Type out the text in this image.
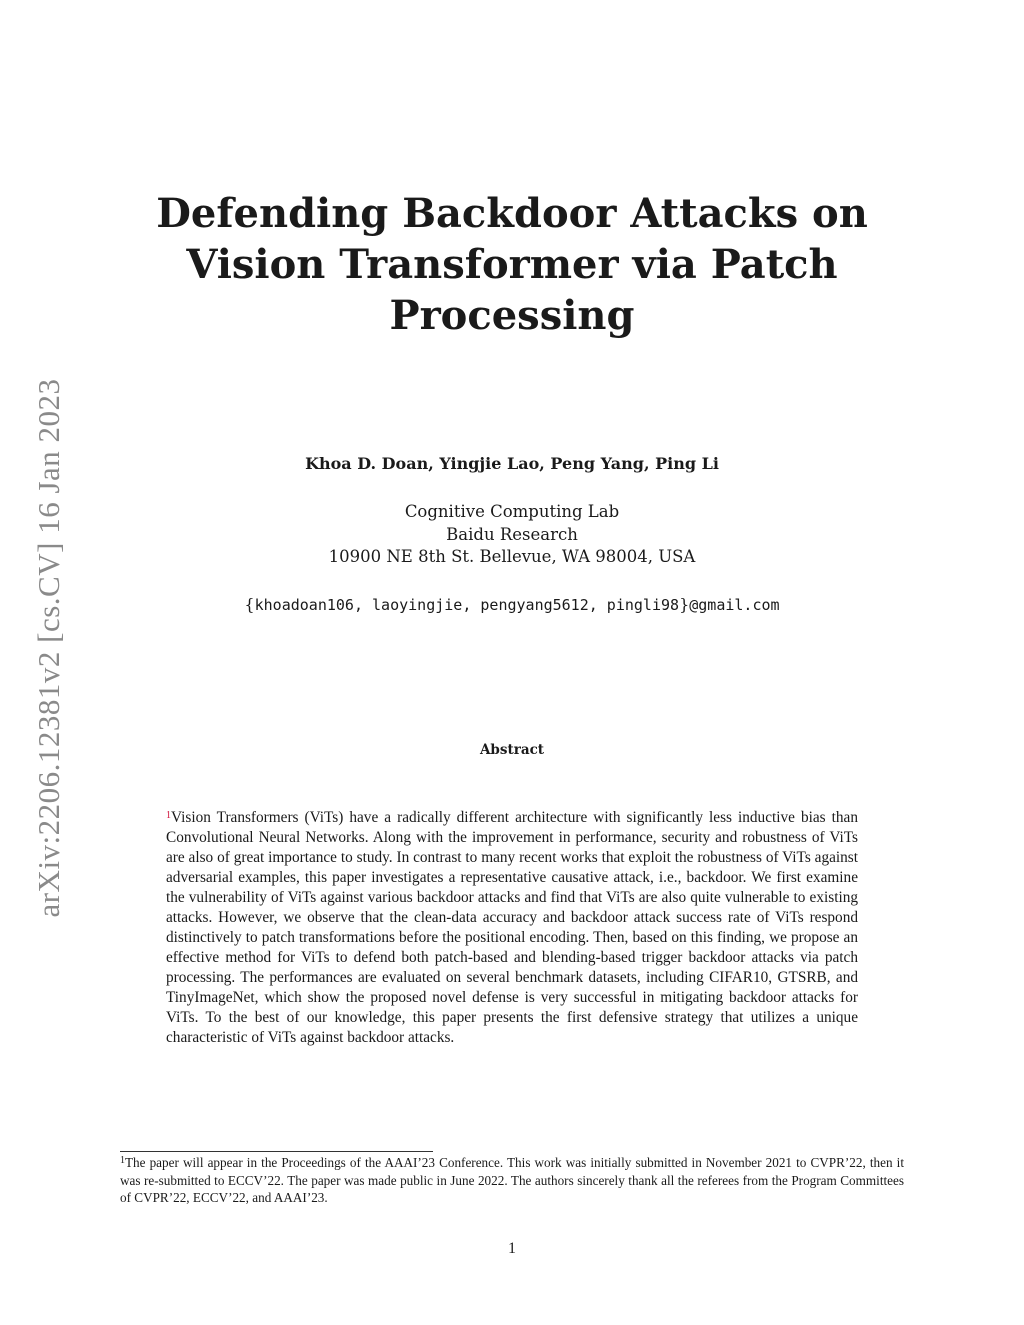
arXiv:2206.12381v2 [cs.CV] 16 Jan 2023
Defending Backdoor Attacks on
Vision Transformer via Patch
Processing
Khoa D. Doan, Yingjie Lao, Peng Yang, Ping Li
Cognitive Computing Lab
Baidu Research
10900 NE 8th St. Bellevue, WA 98004, USA
{khoadoan106, laoyingjie, pengyang5612, pingli98}@gmail.com
Abstract
$^1$Vision Transformers (ViTs) have a radically different architecture with significantly less inductive bias than Convolutional Neural Networks. Along with the improvement in performance, security and robustness of ViTs are also of great importance to study. In contrast to many recent works that exploit the robustness of ViTs against adversarial examples, this paper investigates a representative causative attack, i.e., backdoor. We first examine the vulnerability of ViTs against various backdoor attacks and find that ViTs are also quite vulnerable to existing attacks. However, we observe that the clean-data accuracy and backdoor attack success rate of ViTs respond distinctively to patch transformations before the positional encoding. Then, based on this finding, we propose an effective method for ViTs to defend both patch-based and blending-based trigger backdoor attacks via patch processing. The performances are evaluated on several benchmark datasets, including CIFAR10, GTSRB, and TinyImageNet, which show the proposed novel defense is very successful in mitigating backdoor attacks for ViTs. To the best of our knowledge, this paper presents the first defensive strategy that utilizes a unique characteristic of ViTs against backdoor attacks.
$^1$The paper will appear in the Proceedings of the AAAI’23 Conference. This work was initially submitted in November 2021 to CVPR’22, then it was re-submitted to ECCV’22. The paper was made public in June 2022. The authors sincerely thank all the referees from the Program Committees of CVPR’22, ECCV’22, and AAAI’23.
1
